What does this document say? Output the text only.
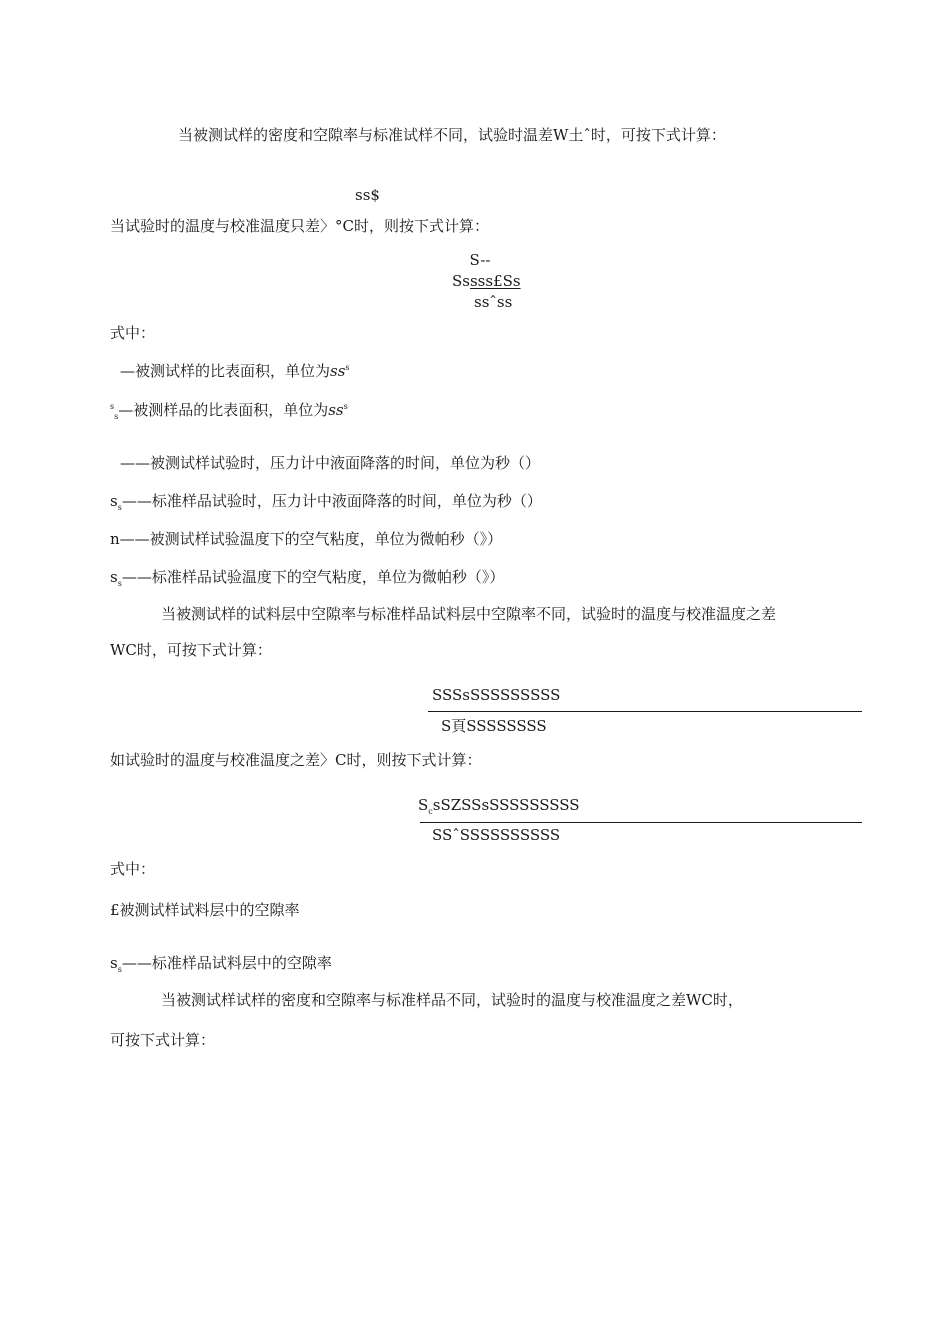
当被测试样的密度和空隙率与标准试样不同，试验时温差W土ˆ时，可按下式计算：
ss$
当试验时的温度与校准温度只差〉°C时，则按下式计算：
S--
Sssss£Ss
ssˆss
式中：
—被测试样的比表面积，单位为$ss^s$
$^s_s$—被测样品的比表面积，单位为$ss^s$
——被测试样试验时，压力计中液面降落的时间，单位为秒（）
$s_s——$标准样品试验时，压力计中液面降落的时间，单位为秒（）
n——被测试样试验温度下的空气粘度，单位为微帕秒（》）
$s_s——$标准样品试验温度下的空气粘度，单位为微帕秒（》）
当被测试样的试料层中空隙率与标准样品试料层中空隙率不同，试验时的温度与校准温度之差
WC时，可按下式计算：
SSSsSSSSSSSSS
S頁SSSSSSSS
如试验时的温度与校准温度之差〉C时，则按下式计算：
$S_csSZSSsSSSSSSSSS$
SSˆSSSSSSSSSS
式中：
£被测试样试料层中的空隙率
$s_s——$标准样品试料层中的空隙率
当被测试样试样的密度和空隙率与标准样品不同，试验时的温度与校准温度之差WC时，
可按下式计算：
